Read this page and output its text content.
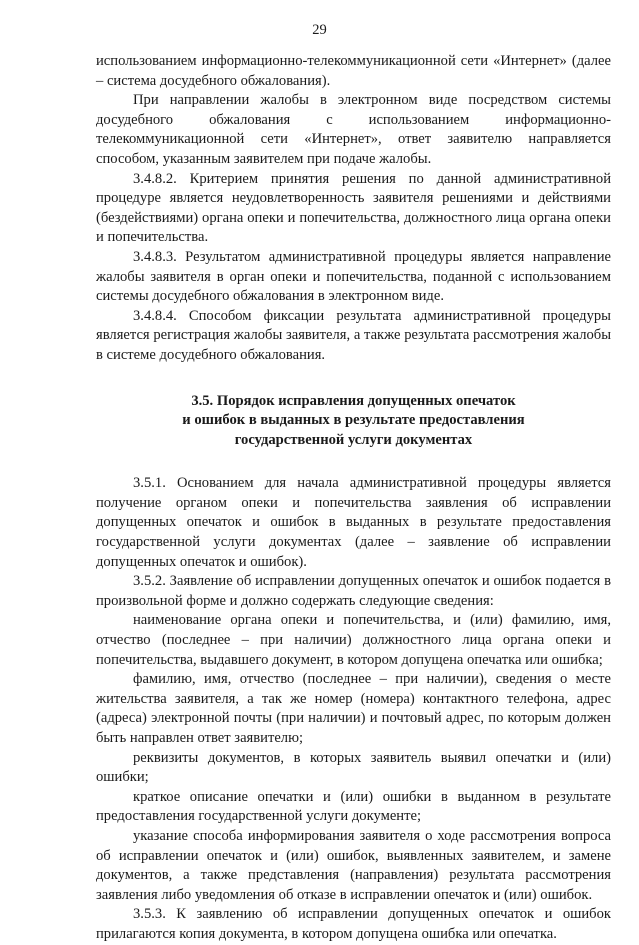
29

использованием информационно-телекоммуникационной сети «Интернет» (далее – система досудебного обжалования).

При направлении жалобы в электронном виде посредством системы досудебного обжалования с использованием информационно-телекоммуникационной сети «Интернет», ответ заявителю направляется способом, указанным заявителем при подаче жалобы.

3.4.8.2. Критерием принятия решения по данной административной процедуре является неудовлетворенность заявителя решениями и действиями (бездействиями) органа опеки и попечительства, должностного лица органа опеки и попечительства.

3.4.8.3. Результатом административной процедуры является направление жалобы заявителя в орган опеки и попечительства, поданной с использованием системы досудебного обжалования в электронном виде.

3.4.8.4. Способом фиксации результата административной процедуры является регистрация жалобы заявителя, а также результата рассмотрения жалобы в системе досудебного обжалования.

3.5. Порядок исправления допущенных опечаток
и ошибок в выданных в результате предоставления
государственной услуги документах

3.5.1. Основанием для начала административной процедуры является получение органом опеки и попечительства заявления об исправлении допущенных опечаток и ошибок в выданных в результате предоставления государственной услуги документах (далее – заявление об исправлении допущенных опечаток и ошибок).

3.5.2. Заявление об исправлении допущенных опечаток и ошибок подается в произвольной форме и должно содержать следующие сведения:

наименование органа опеки и попечительства, и (или) фамилию, имя, отчество (последнее – при наличии) должностного лица органа опеки и попечительства, выдавшего документ, в котором допущена опечатка или ошибка;

фамилию, имя, отчество (последнее – при наличии), сведения о месте жительства заявителя, а так же номер (номера) контактного телефона, адрес (адреса) электронной почты (при наличии) и почтовый адрес, по которым должен быть направлен ответ заявителю;

реквизиты документов, в которых заявитель выявил опечатки и (или) ошибки;

краткое описание опечатки и (или) ошибки в выданном в результате предоставления государственной услуги документе;

указание способа информирования заявителя о ходе рассмотрения вопроса об исправлении опечаток и (или) ошибок, выявленных заявителем, и замене документов, а также представления (направления) результата рассмотрения заявления либо уведомления об отказе в исправлении опечаток и (или) ошибок.

3.5.3. К заявлению об исправлении допущенных опечаток и ошибок прилагаются копия документа, в котором допущена ошибка или опечатка.
